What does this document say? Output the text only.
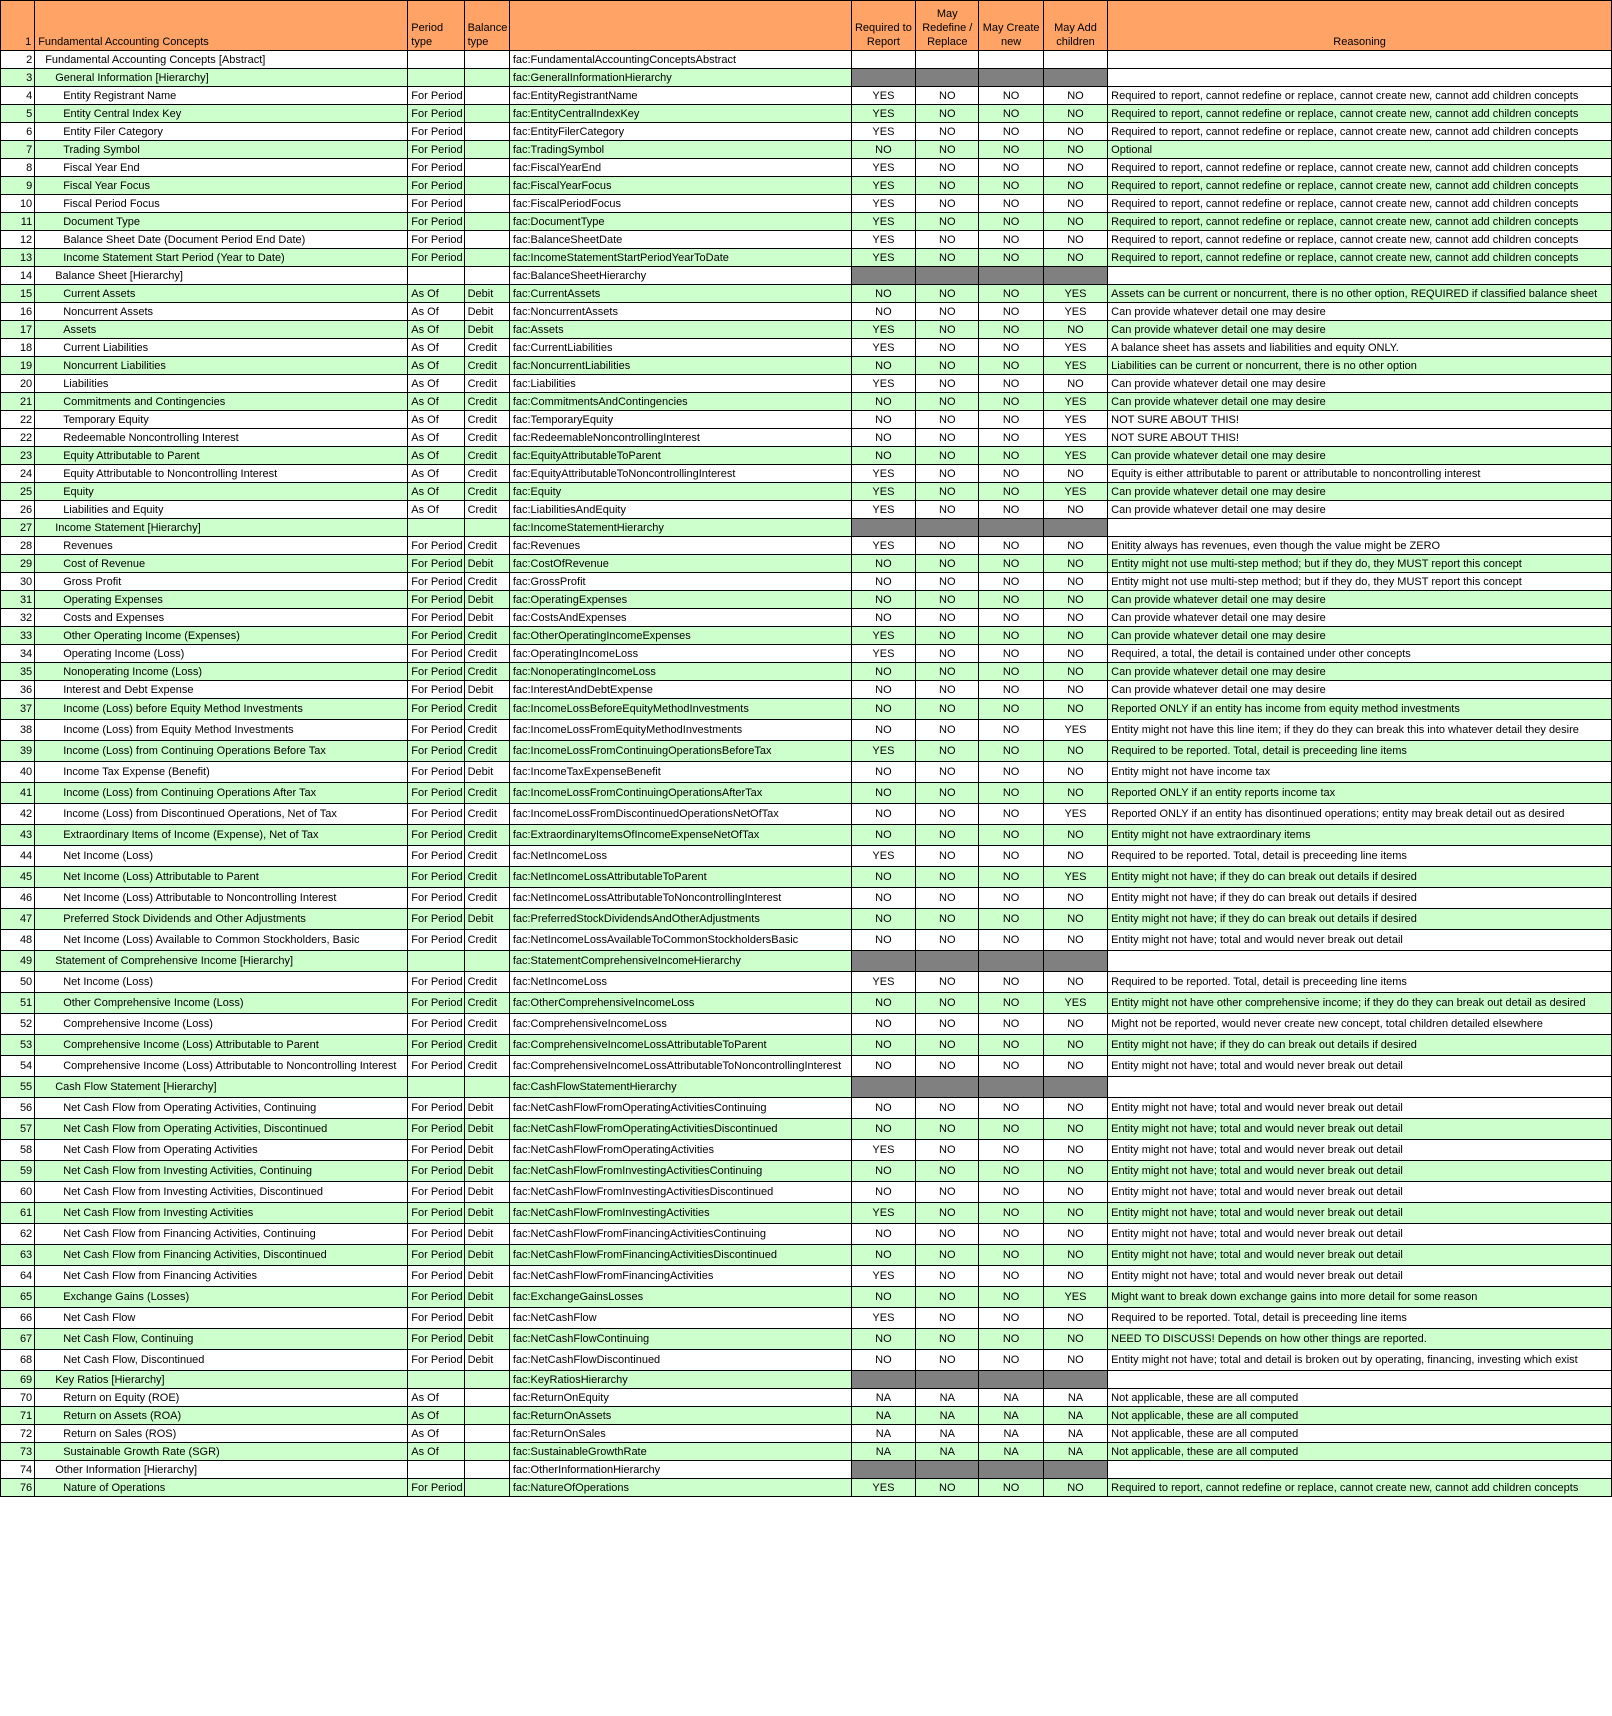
1	Fundamental Accounting Concepts	Period type	Balance type		Required to Report	May Redefine / Replace	May Create new	May Add children	Reasoning
2	Fundamental Accounting Concepts [Abstract]			fac:FundamentalAccountingConceptsAbstract					
3	General Information [Hierarchy]			fac:GeneralInformationHierarchy					
4	Entity Registrant Name	For Period		fac:EntityRegistrantName	YES	NO	NO	NO	Required to report, cannot redefine or replace, cannot create new, cannot add children concepts
5	Entity Central Index Key	For Period		fac:EntityCentralIndexKey	YES	NO	NO	NO	Required to report, cannot redefine or replace, cannot create new, cannot add children concepts
6	Entity Filer Category	For Period		fac:EntityFilerCategory	YES	NO	NO	NO	Required to report, cannot redefine or replace, cannot create new, cannot add children concepts
7	Trading Symbol	For Period		fac:TradingSymbol	NO	NO	NO	NO	Optional
8	Fiscal Year End	For Period		fac:FiscalYearEnd	YES	NO	NO	NO	Required to report, cannot redefine or replace, cannot create new, cannot add children concepts
9	Fiscal Year Focus	For Period		fac:FiscalYearFocus	YES	NO	NO	NO	Required to report, cannot redefine or replace, cannot create new, cannot add children concepts
10	Fiscal Period Focus	For Period		fac:FiscalPeriodFocus	YES	NO	NO	NO	Required to report, cannot redefine or replace, cannot create new, cannot add children concepts
11	Document Type	For Period		fac:DocumentType	YES	NO	NO	NO	Required to report, cannot redefine or replace, cannot create new, cannot add children concepts
12	Balance Sheet Date (Document Period End Date)	For Period		fac:BalanceSheetDate	YES	NO	NO	NO	Required to report, cannot redefine or replace, cannot create new, cannot add children concepts
13	Income Statement Start Period (Year to Date)	For Period		fac:IncomeStatementStartPeriodYearToDate	YES	NO	NO	NO	Required to report, cannot redefine or replace, cannot create new, cannot add children concepts
14	Balance Sheet [Hierarchy]			fac:BalanceSheetHierarchy					
15	Current Assets	As Of	Debit	fac:CurrentAssets	NO	NO	NO	YES	Assets can be current or noncurrent, there is no other option, REQUIRED if classified balance sheet
16	Noncurrent Assets	As Of	Debit	fac:NoncurrentAssets	NO	NO	NO	YES	Can provide whatever detail one may desire
17	Assets	As Of	Debit	fac:Assets	YES	NO	NO	NO	Can provide whatever detail one may desire
18	Current Liabilities	As Of	Credit	fac:CurrentLiabilities	YES	NO	NO	YES	A balance sheet has assets and liabilities and equity ONLY.
19	Noncurrent Liabilities	As Of	Credit	fac:NoncurrentLiabilities	NO	NO	NO	YES	Liabilities can be current or noncurrent, there is no other option
20	Liabilities	As Of	Credit	fac:Liabilities	YES	NO	NO	NO	Can provide whatever detail one may desire
21	Commitments and Contingencies	As Of	Credit	fac:CommitmentsAndContingencies	NO	NO	NO	YES	Can provide whatever detail one may desire
22	Temporary Equity	As Of	Credit	fac:TemporaryEquity	NO	NO	NO	YES	NOT SURE ABOUT THIS!
22	Redeemable Noncontrolling Interest	As Of	Credit	fac:RedeemableNoncontrollingInterest	NO	NO	NO	YES	NOT SURE ABOUT THIS!
23	Equity Attributable to Parent	As Of	Credit	fac:EquityAttributableToParent	NO	NO	NO	YES	Can provide whatever detail one may desire
24	Equity Attributable to Noncontrolling Interest	As Of	Credit	fac:EquityAttributableToNoncontrollingInterest	YES	NO	NO	NO	Equity is either attributable to parent or attributable to noncontrolling interest
25	Equity	As Of	Credit	fac:Equity	YES	NO	NO	YES	Can provide whatever detail one may desire
26	Liabilities and Equity	As Of	Credit	fac:LiabilitiesAndEquity	YES	NO	NO	NO	Can provide whatever detail one may desire
27	Income Statement [Hierarchy]			fac:IncomeStatementHierarchy					
28	Revenues	For Period	Credit	fac:Revenues	YES	NO	NO	NO	Enitity always has revenues, even though the value might be ZERO
29	Cost of Revenue	For Period	Debit	fac:CostOfRevenue	NO	NO	NO	NO	Entity might not use multi-step method; but if they do, they MUST report this concept
30	Gross Profit	For Period	Credit	fac:GrossProfit	NO	NO	NO	NO	Entity might not use multi-step method; but if they do, they MUST report this concept
31	Operating Expenses	For Period	Debit	fac:OperatingExpenses	NO	NO	NO	NO	Can provide whatever detail one may desire
32	Costs and Expenses	For Period	Debit	fac:CostsAndExpenses	NO	NO	NO	NO	Can provide whatever detail one may desire
33	Other Operating Income (Expenses)	For Period	Credit	fac:OtherOperatingIncomeExpenses	YES	NO	NO	NO	Can provide whatever detail one may desire
34	Operating Income (Loss)	For Period	Credit	fac:OperatingIncomeLoss	YES	NO	NO	NO	Required, a total, the detail is contained under other concepts
35	Nonoperating Income (Loss)	For Period	Credit	fac:NonoperatingIncomeLoss	NO	NO	NO	NO	Can provide whatever detail one may desire
36	Interest and Debt Expense	For Period	Debit	fac:InterestAndDebtExpense	NO	NO	NO	NO	Can provide whatever detail one may desire
37	Income (Loss) before Equity Method Investments	For Period	Credit	fac:IncomeLossBeforeEquityMethodInvestments	NO	NO	NO	NO	Reported ONLY if an entity has income from equity method investments
38	Income (Loss) from Equity Method Investments	For Period	Credit	fac:IncomeLossFromEquityMethodInvestments	NO	NO	NO	YES	Entity might not have this line item; if they do they can break this into whatever detail they desire
39	Income (Loss) from Continuing Operations Before Tax	For Period	Credit	fac:IncomeLossFromContinuingOperationsBeforeTax	YES	NO	NO	NO	Required to be reported. Total, detail is preceeding line items
40	Income Tax Expense (Benefit)	For Period	Debit	fac:IncomeTaxExpenseBenefit	NO	NO	NO	NO	Entity might not have income tax
41	Income (Loss) from Continuing Operations After Tax	For Period	Credit	fac:IncomeLossFromContinuingOperationsAfterTax	NO	NO	NO	NO	Reported ONLY if an entity reports income tax
42	Income (Loss) from Discontinued Operations, Net of Tax	For Period	Credit	fac:IncomeLossFromDiscontinuedOperationsNetOfTax	NO	NO	NO	YES	Reported ONLY if an entity has disontinued operations; entity may break detail out as desired
43	Extraordinary Items of Income (Expense), Net of Tax	For Period	Credit	fac:ExtraordinaryItemsOfIncomeExpenseNetOfTax	NO	NO	NO	NO	Entity might not have extraordinary items
44	Net Income (Loss)	For Period	Credit	fac:NetIncomeLoss	YES	NO	NO	NO	Required to be reported. Total, detail is preceeding line items
45	Net Income (Loss) Attributable to Parent	For Period	Credit	fac:NetIncomeLossAttributableToParent	NO	NO	NO	YES	Entity might not have; if they do can break out details if desired
46	Net Income (Loss) Attributable to Noncontrolling Interest	For Period	Credit	fac:NetIncomeLossAttributableToNoncontrollingInterest	NO	NO	NO	NO	Entity might not have; if they do can break out details if desired
47	Preferred Stock Dividends and Other Adjustments	For Period	Debit	fac:PreferredStockDividendsAndOtherAdjustments	NO	NO	NO	NO	Entity might not have; if they do can break out details if desired
48	Net Income (Loss) Available to Common Stockholders, Basic	For Period	Credit	fac:NetIncomeLossAvailableToCommonStockholdersBasic	NO	NO	NO	NO	Entity might not have; total and would never break out detail
49	Statement of Comprehensive Income [Hierarchy]			fac:StatementComprehensiveIncomeHierarchy					
50	Net Income (Loss)	For Period	Credit	fac:NetIncomeLoss	YES	NO	NO	NO	Required to be reported. Total, detail is preceeding line items
51	Other Comprehensive Income (Loss)	For Period	Credit	fac:OtherComprehensiveIncomeLoss	NO	NO	NO	YES	Entity might not have other comprehensive income; if they do they can break out detail as desired
52	Comprehensive Income (Loss)	For Period	Credit	fac:ComprehensiveIncomeLoss	NO	NO	NO	NO	Might not be reported, would never create new concept, total children detailed elsewhere
53	Comprehensive Income (Loss) Attributable to Parent	For Period	Credit	fac:ComprehensiveIncomeLossAttributableToParent	NO	NO	NO	NO	Entity might not have; if they do can break out details if desired
54	Comprehensive Income (Loss) Attributable to Noncontrolling Interest	For Period	Credit	fac:ComprehensiveIncomeLossAttributableToNoncontrollingInterest	NO	NO	NO	NO	Entity might not have; total and would never break out detail
55	Cash Flow Statement [Hierarchy]			fac:CashFlowStatementHierarchy					
56	Net Cash Flow from Operating Activities, Continuing	For Period	Debit	fac:NetCashFlowFromOperatingActivitiesContinuing	NO	NO	NO	NO	Entity might not have; total and would never break out detail
57	Net Cash Flow from Operating Activities, Discontinued	For Period	Debit	fac:NetCashFlowFromOperatingActivitiesDiscontinued	NO	NO	NO	NO	Entity might not have; total and would never break out detail
58	Net Cash Flow from Operating Activities	For Period	Debit	fac:NetCashFlowFromOperatingActivities	YES	NO	NO	NO	Entity might not have; total and would never break out detail
59	Net Cash Flow from Investing Activities, Continuing	For Period	Debit	fac:NetCashFlowFromInvestingActivitiesContinuing	NO	NO	NO	NO	Entity might not have; total and would never break out detail
60	Net Cash Flow from Investing Activities, Discontinued	For Period	Debit	fac:NetCashFlowFromInvestingActivitiesDiscontinued	NO	NO	NO	NO	Entity might not have; total and would never break out detail
61	Net Cash Flow from Investing Activities	For Period	Debit	fac:NetCashFlowFromInvestingActivities	YES	NO	NO	NO	Entity might not have; total and would never break out detail
62	Net Cash Flow from Financing Activities, Continuing	For Period	Debit	fac:NetCashFlowFromFinancingActivitiesContinuing	NO	NO	NO	NO	Entity might not have; total and would never break out detail
63	Net Cash Flow from Financing Activities, Discontinued	For Period	Debit	fac:NetCashFlowFromFinancingActivitiesDiscontinued	NO	NO	NO	NO	Entity might not have; total and would never break out detail
64	Net Cash Flow from Financing Activities	For Period	Debit	fac:NetCashFlowFromFinancingActivities	YES	NO	NO	NO	Entity might not have; total and would never break out detail
65	Exchange Gains (Losses)	For Period	Debit	fac:ExchangeGainsLosses	NO	NO	NO	YES	Might want to break down exchange gains into more detail for some reason
66	Net Cash Flow	For Period	Debit	fac:NetCashFlow	YES	NO	NO	NO	Required to be reported. Total, detail is preceeding line items
67	Net Cash Flow, Continuing	For Period	Debit	fac:NetCashFlowContinuing	NO	NO	NO	NO	NEED TO DISCUSS! Depends on how other things are reported.
68	Net Cash Flow, Discontinued	For Period	Debit	fac:NetCashFlowDiscontinued	NO	NO	NO	NO	Entity might not have; total and detail is broken out by operating, financing, investing which exist
69	Key Ratios [Hierarchy]			fac:KeyRatiosHierarchy					
70	Return on Equity (ROE)	As Of		fac:ReturnOnEquity	NA	NA	NA	NA	Not applicable, these are all computed
71	Return on Assets (ROA)	As Of		fac:ReturnOnAssets	NA	NA	NA	NA	Not applicable, these are all computed
72	Return on Sales (ROS)	As Of		fac:ReturnOnSales	NA	NA	NA	NA	Not applicable, these are all computed
73	Sustainable Growth Rate (SGR)	As Of		fac:SustainableGrowthRate	NA	NA	NA	NA	Not applicable, these are all computed
74	Other Information [Hierarchy]			fac:OtherInformationHierarchy					
76	Nature of Operations	For Period		fac:NatureOfOperations	YES	NO	NO	NO	Required to report, cannot redefine or replace, cannot create new, cannot add children concepts
